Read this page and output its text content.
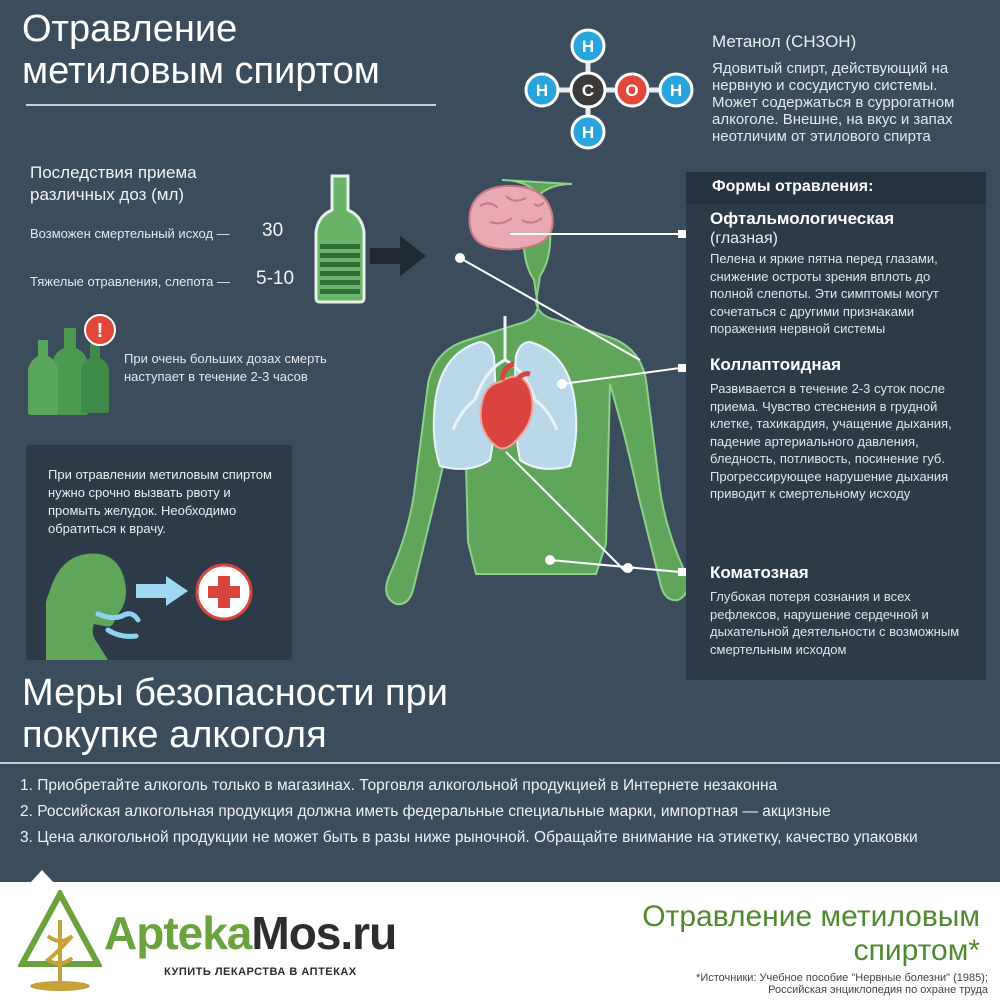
Отравление
метиловым спиртом
H
H C O H
H
Метанол (CH3OH)
Ядовитый спирт, действующий на нервную и сосудистую системы. Может содержаться в суррогатном алкоголе. Внешне, на вкус и запах неотличим от этилового спирта
Последствия приема различных доз (мл)
Возможен смертельный исход — 30
Тяжелые отравления, слепота — 5-10
!
При очень больших дозах смерть наступает в течение 2-3 часов
При отравлении метиловым спиртом нужно срочно вызвать рвоту и промыть желудок. Необходимо обратиться к врачу.
Формы отравления:
Офтальмологическая
(глазная)
Пелена и яркие пятна перед глазами, снижение остроты зрения вплоть до полной слепоты. Эти симптомы могут сочетаться с другими признаками поражения нервной системы
Коллаптоидная
Развивается в течение 2-3 суток после приема. Чувство стеснения в грудной клетке, тахикардия, учащение дыхания, падение артериального давления, бледность, потливость, посинение губ. Прогрессирующее нарушение дыхания приводит к смертельному исходу
Коматозная
Глубокая потеря сознания и всех рефлексов, нарушение сердечной и дыхательной деятельности с возможным смертельным исходом
Меры безопасности при
покупке алкоголя
1. Приобретайте алкоголь только в магазинах. Торговля алкогольной продукцией в Интернете незаконна
2. Российская алкогольная продукция должна иметь федеральные специальные марки, импортная — акцизные
3. Цена алкогольной продукции не может быть в разы ниже рыночной. Обращайте внимание на этикетку, качество упаковки
AptekaMos.ru
КУПИТЬ ЛЕКАРСТВА В АПТЕКАХ
Отравление метиловым
спиртом*
*Источники: Учебное пособие "Нервные болезни" (1985);
Российская энциклопедия по охране труда
